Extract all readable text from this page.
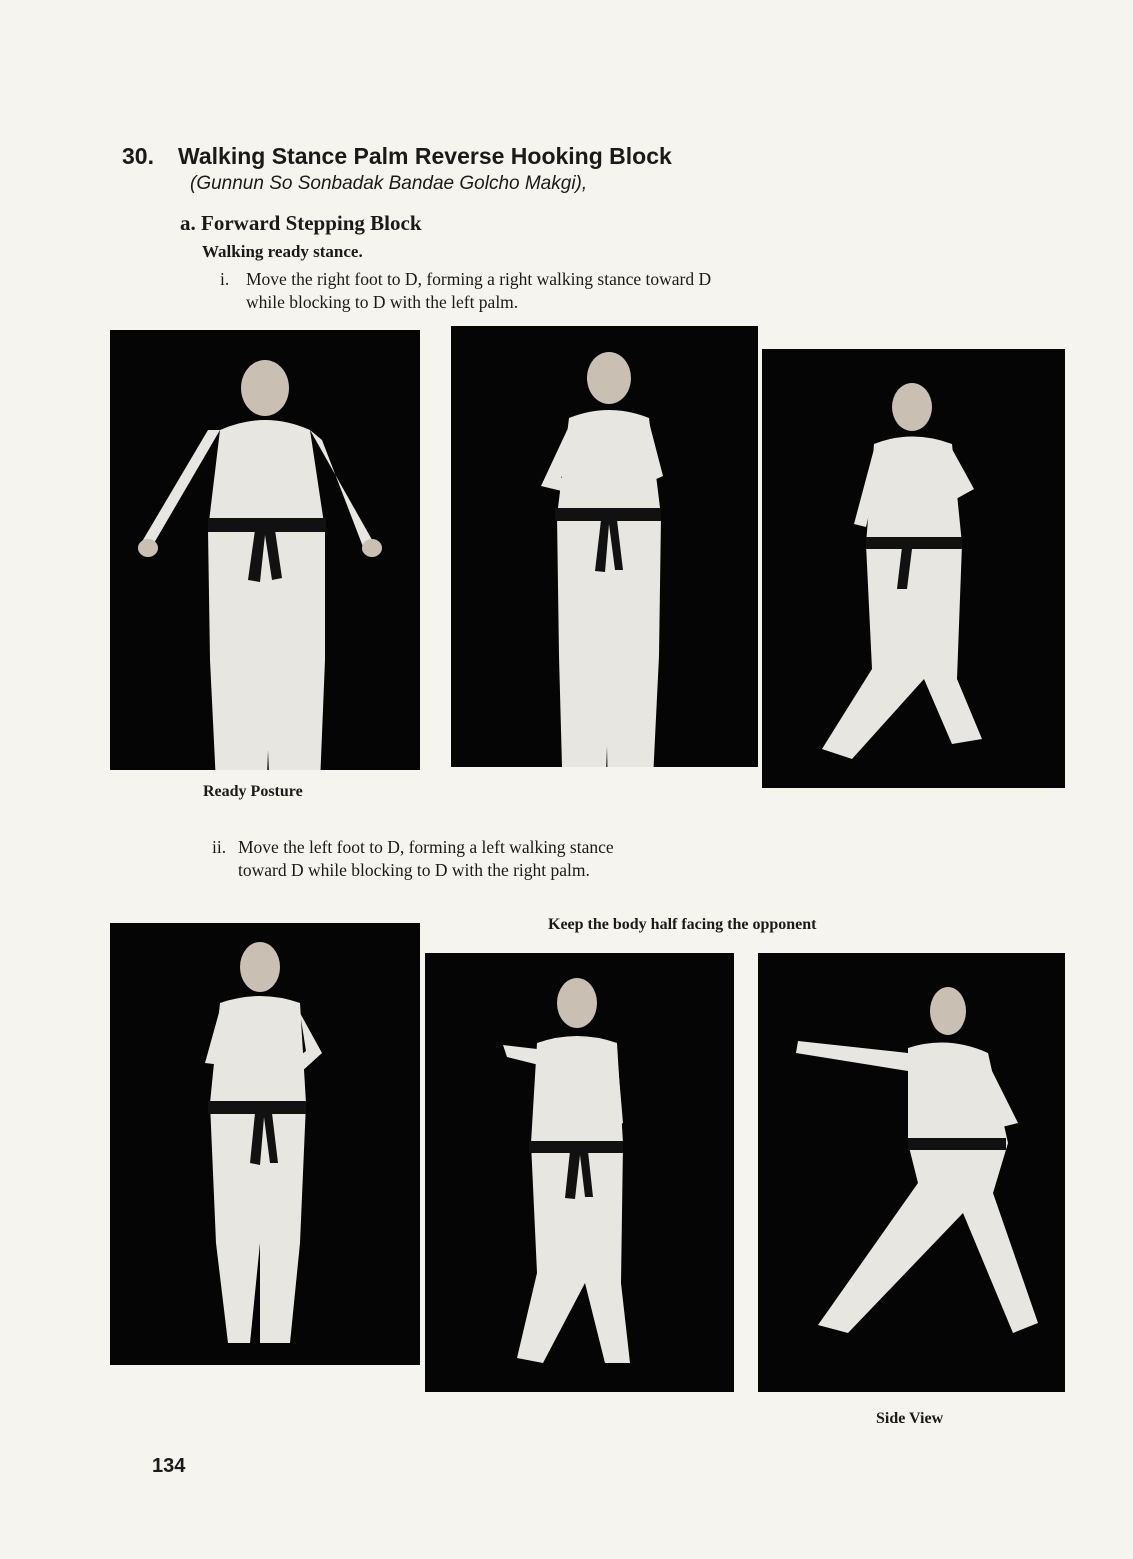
30. Walking Stance Palm Reverse Hooking Block
(Gunnun So Sonbadak Bandae Golcho Makgi),
a. Forward Stepping Block
Walking ready stance.
i. Move the right foot to D, forming a right walking stance toward D
while blocking to D with the left palm.
Ready Posture
ii. Move the left foot to D, forming a left walking stance
toward D while blocking to D with the right palm.
Keep the body half facing the opponent
Side View
134
